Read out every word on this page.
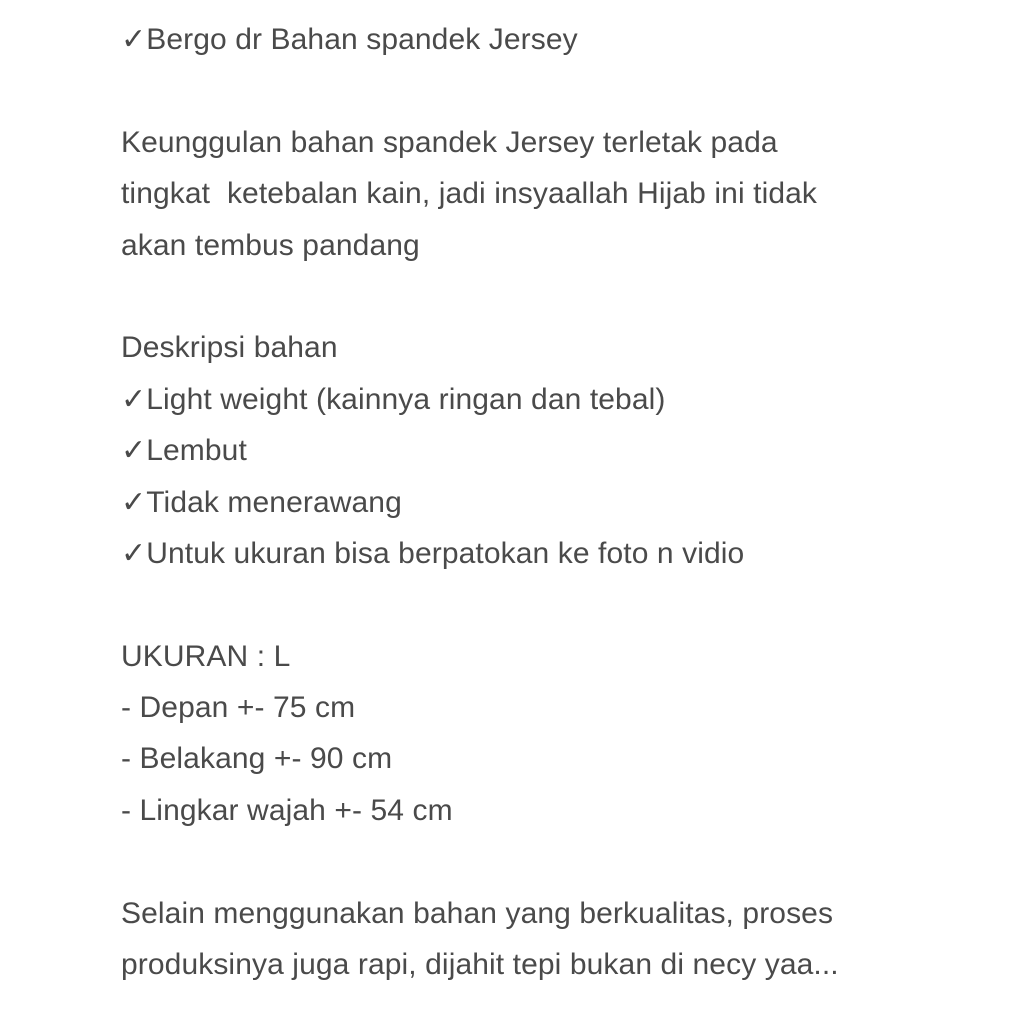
✓Bergo dr Bahan spandek Jersey
Keunggulan bahan spandek Jersey terletak pada
tingkat  ketebalan kain, jadi insyaallah Hijab ini tidak
akan tembus pandang
Deskripsi bahan
✓Light weight (kainnya ringan dan tebal)
✓Lembut
✓Tidak menerawang
✓Untuk ukuran bisa berpatokan ke foto n vidio
UKURAN : L
- Depan +- 75 cm
- Belakang +- 90 cm
- Lingkar wajah +- 54 cm
Selain menggunakan bahan yang berkualitas, proses
produksinya juga rapi, dijahit tepi bukan di necy yaa...
